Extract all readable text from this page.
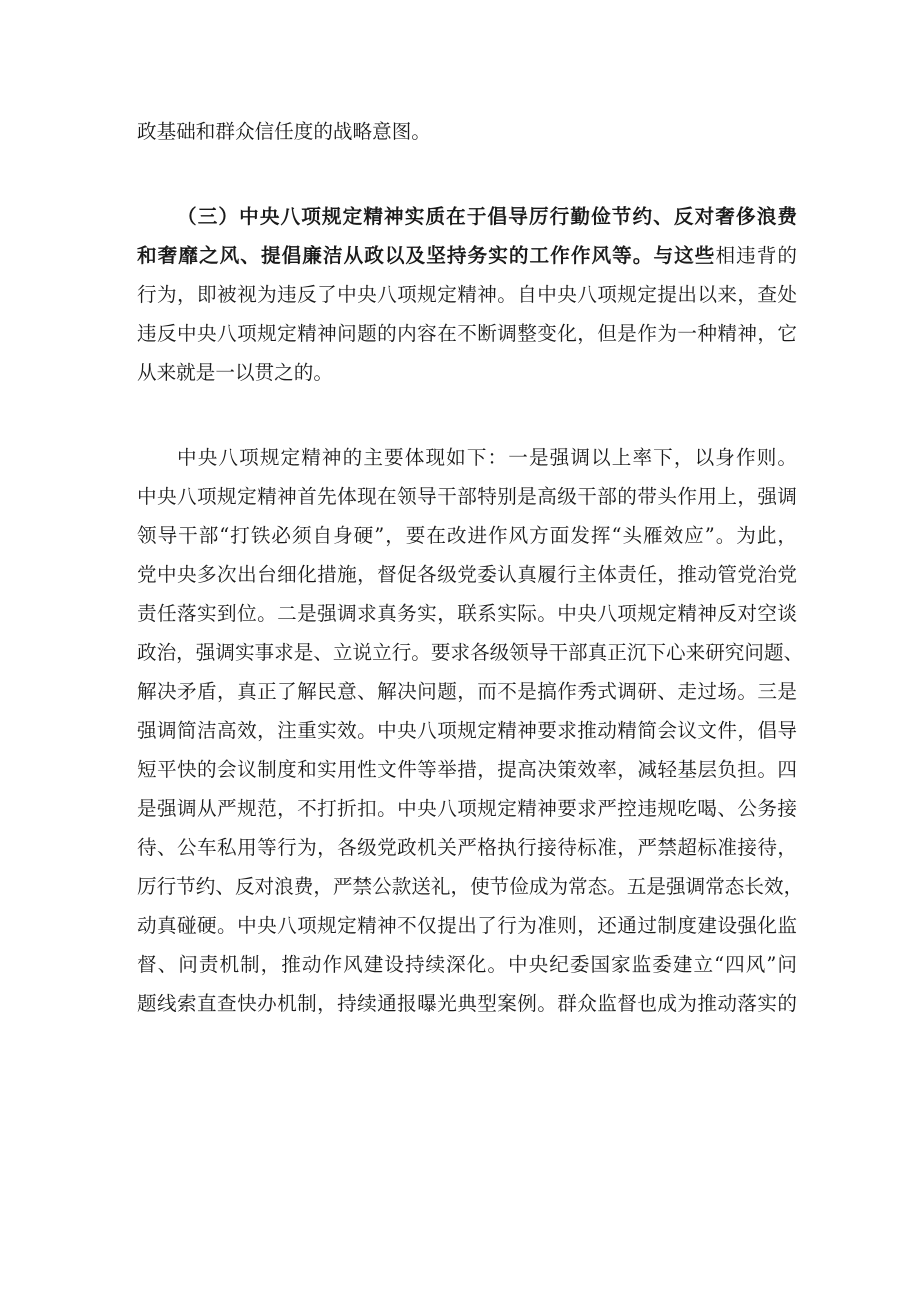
政基础和群众信任度的战略意图。
（三）中央八项规定精神实质在于倡导厉行勤俭节约、反对奢侈浪费
和奢靡之风、提倡廉洁从政以及坚持务实的工作作风等。与这些相违背的
行为，即被视为违反了中央八项规定精神。自中央八项规定提出以来，查处
违反中央八项规定精神问题的内容在不断调整变化，但是作为一种精神，它
从来就是一以贯之的。
中央八项规定精神的主要体现如下：一是强调以上率下，以身作则。
中央八项规定精神首先体现在领导干部特别是高级干部的带头作用上，强调
领导干部“打铁必须自身硬”，要在改进作风方面发挥“头雁效应”。为此，
党中央多次出台细化措施，督促各级党委认真履行主体责任，推动管党治党
责任落实到位。二是强调求真务实，联系实际。中央八项规定精神反对空谈
政治，强调实事求是、立说立行。要求各级领导干部真正沉下心来研究问题、
解决矛盾，真正了解民意、解决问题，而不是搞作秀式调研、走过场。三是
强调简洁高效，注重实效。中央八项规定精神要求推动精简会议文件，倡导
短平快的会议制度和实用性文件等举措，提高决策效率，减轻基层负担。四
是强调从严规范，不打折扣。中央八项规定精神要求严控违规吃喝、公务接
待、公车私用等行为，各级党政机关严格执行接待标准，严禁超标准接待，
厉行节约、反对浪费，严禁公款送礼，使节俭成为常态。五是强调常态长效，
动真碰硬。中央八项规定精神不仅提出了行为准则，还通过制度建设强化监
督、问责机制，推动作风建设持续深化。中央纪委国家监委建立“四风”问
题线索直查快办机制，持续通报曝光典型案例。群众监督也成为推动落实的
